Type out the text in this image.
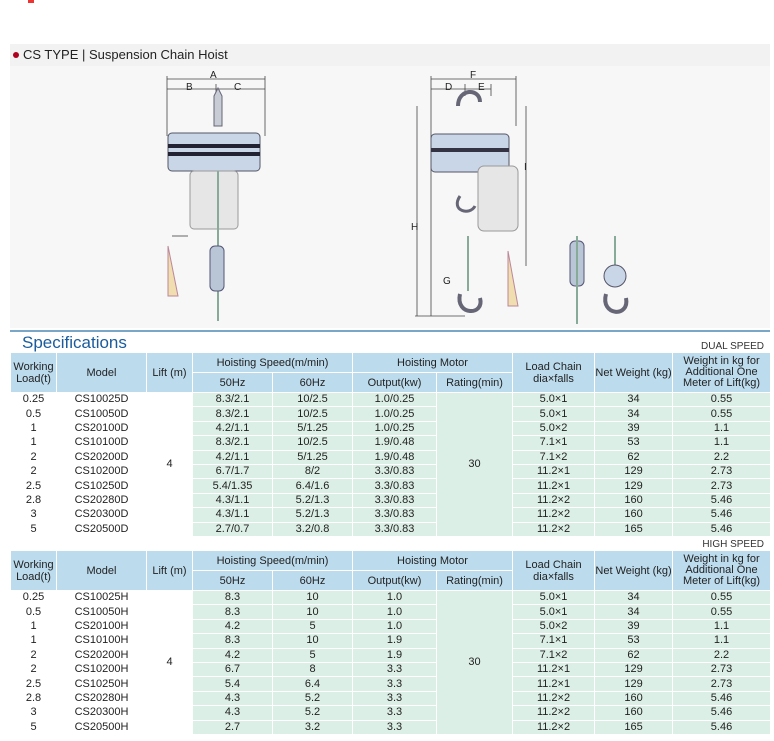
CS TYPE | Suspension Chain Hoist
A
B	C
F
D	E
I
H
G
Specifications	DUAL SPEED
Working Load(t)	Model	Lift (m)	Hoisting Speed(m/min)		Hoisting Motor		Load Chain dia×falls	Net Weight (kg)	Weight in kg for Additional One Meter of Lift(kg)
			50Hz	60Hz	Output(kw)	Rating(min)			
0.25	CS10025D	4	8.3/2.1	10/2.5	1.0/0.25	30	5.0×1	34	0.55
0.5	CS10050D		8.3/2.1	10/2.5	1.0/0.25		5.0×1	34	0.55
1	CS20100D		4.2/1.1	5/1.25	1.0/0.25		5.0×2	39	1.1
1	CS10100D		8.3/2.1	10/2.5	1.9/0.48		7.1×1	53	1.1
2	CS20200D		4.2/1.1	5/1.25	1.9/0.48		7.1×2	62	2.2
2	CS10200D		6.7/1.7	8/2	3.3/0.83		11.2×1	129	2.73
2.5	CS10250D		5.4/1.35	6.4/1.6	3.3/0.83		11.2×1	129	2.73
2.8	CS20280D		4.3/1.1	5.2/1.3	3.3/0.83		11.2×2	160	5.46
3	CS20300D		4.3/1.1	5.2/1.3	3.3/0.83		11.2×2	160	5.46
5	CS20500D		2.7/0.7	3.2/0.8	3.3/0.83		11.2×2	165	5.46
HIGH SPEED
Working Load(t)	Model	Lift (m)	Hoisting Speed(m/min)		Hoisting Motor		Load Chain dia×falls	Net Weight (kg)	Weight in kg for Additional One Meter of Lift(kg)
			50Hz	60Hz	Output(kw)	Rating(min)			
0.25	CS10025H	4	8.3	10	1.0	30	5.0×1	34	0.55
0.5	CS10050H		8.3	10	1.0		5.0×1	34	0.55
1	CS20100H		4.2	5	1.0		5.0×2	39	1.1
1	CS10100H		8.3	10	1.9		7.1×1	53	1.1
2	CS20200H		4.2	5	1.9		7.1×2	62	2.2
2	CS10200H		6.7	8	3.3		11.2×1	129	2.73
2.5	CS10250H		5.4	6.4	3.3		11.2×1	129	2.73
2.8	CS20280H		4.3	5.2	3.3		11.2×2	160	5.46
3	CS20300H		4.3	5.2	3.3		11.2×2	160	5.46
5	CS20500H		2.7	3.2	3.3		11.2×2	165	5.46
